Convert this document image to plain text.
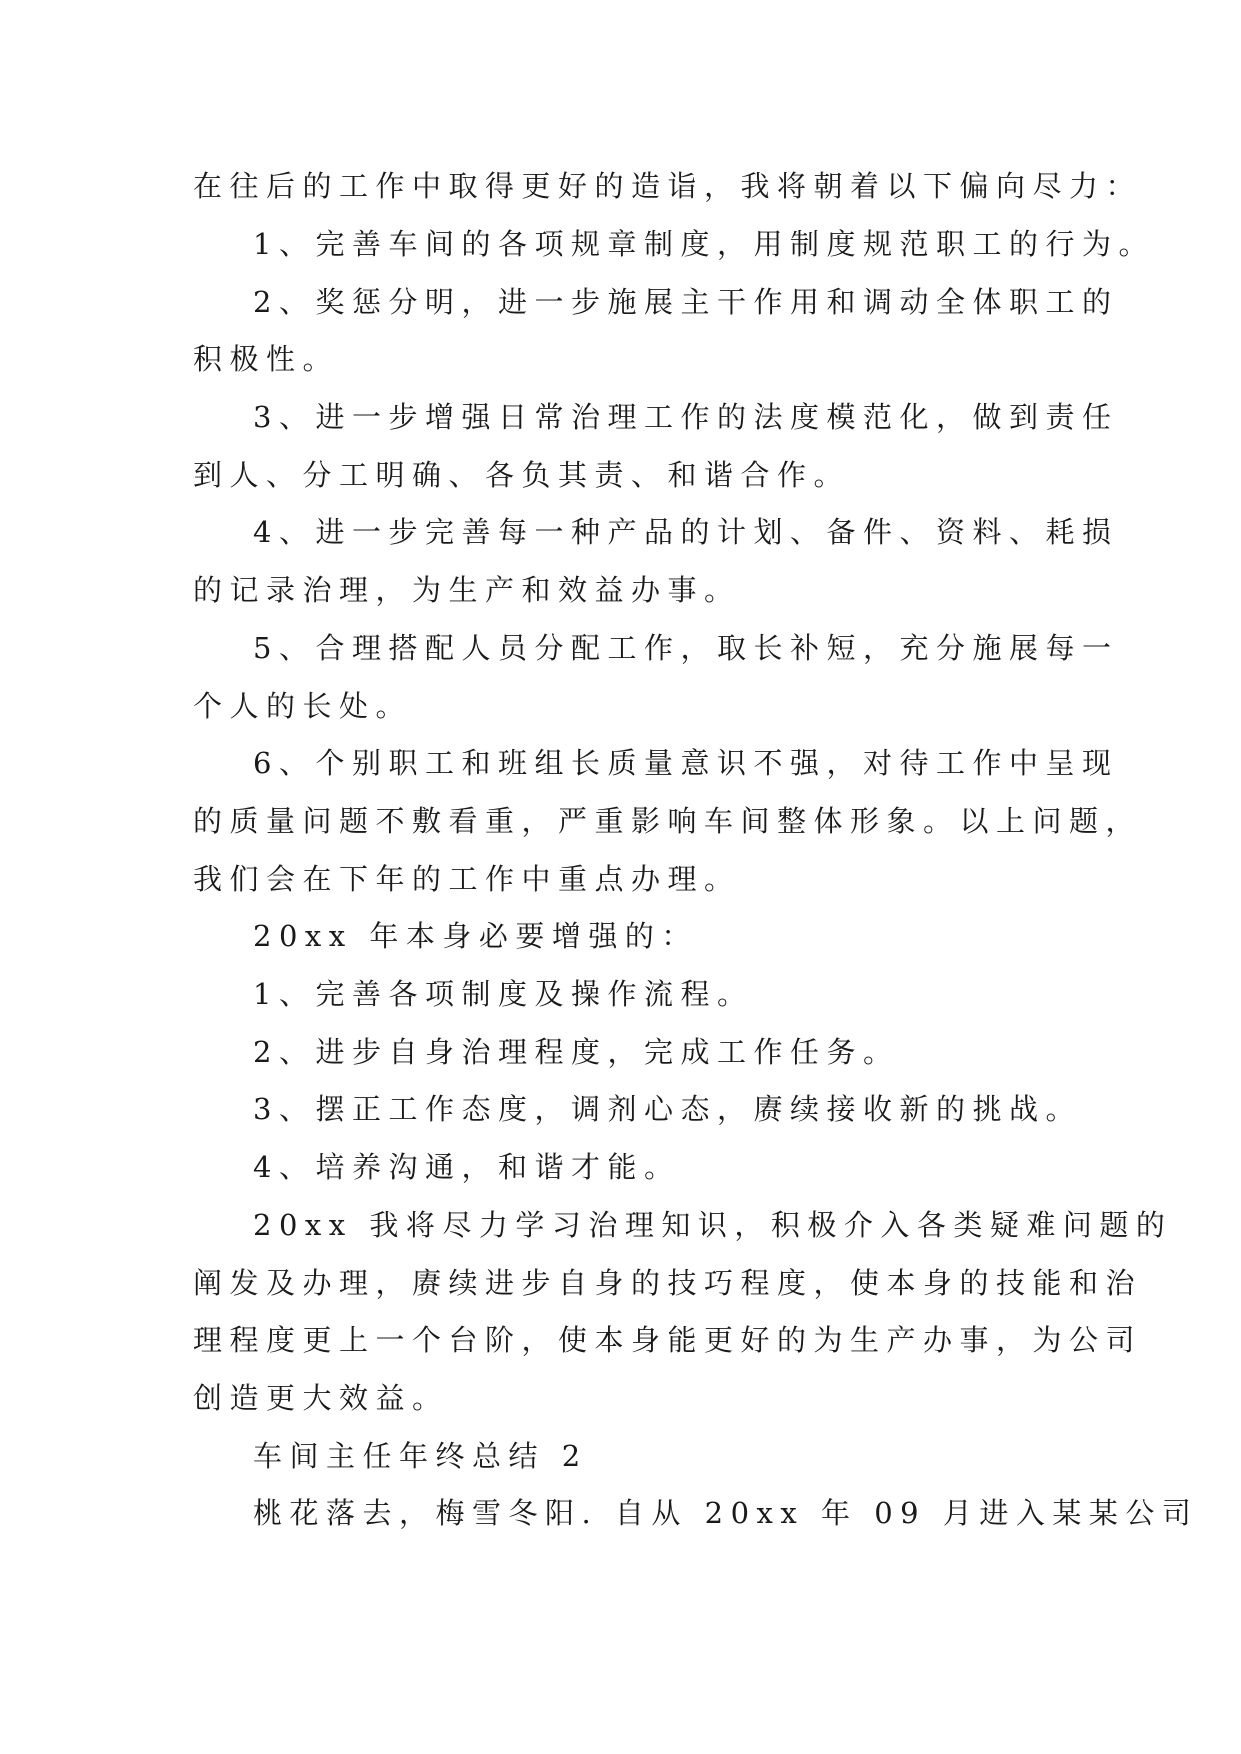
在往后的工作中取得更好的造诣，我将朝着以下偏向尽力：
1、完善车间的各项规章制度，用制度规范职工的行为。
2、奖惩分明，进一步施展主干作用和调动全体职工的
积极性。
3、进一步增强日常治理工作的法度模范化，做到责任
到人、分工明确、各负其责、和谐合作。
4、进一步完善每一种产品的计划、备件、资料、耗损
的记录治理，为生产和效益办事。
5、合理搭配人员分配工作，取长补短，充分施展每一
个人的长处。
6、个别职工和班组长质量意识不强，对待工作中呈现
的质量问题不敷看重，严重影响车间整体形象。以上问题，
我们会在下年的工作中重点办理。
20xx 年本身必要增强的：
1、完善各项制度及操作流程。
2、进步自身治理程度，完成工作任务。
3、摆正工作态度，调剂心态，赓续接收新的挑战。
4、培养沟通，和谐才能。
20xx 我将尽力学习治理知识，积极介入各类疑难问题的
阐发及办理，赓续进步自身的技巧程度，使本身的技能和治
理程度更上一个台阶，使本身能更好的为生产办事，为公司
创造更大效益。
车间主任年终总结 2
桃花落去，梅雪冬阳. 自从 20xx 年 09 月进入某某公司
